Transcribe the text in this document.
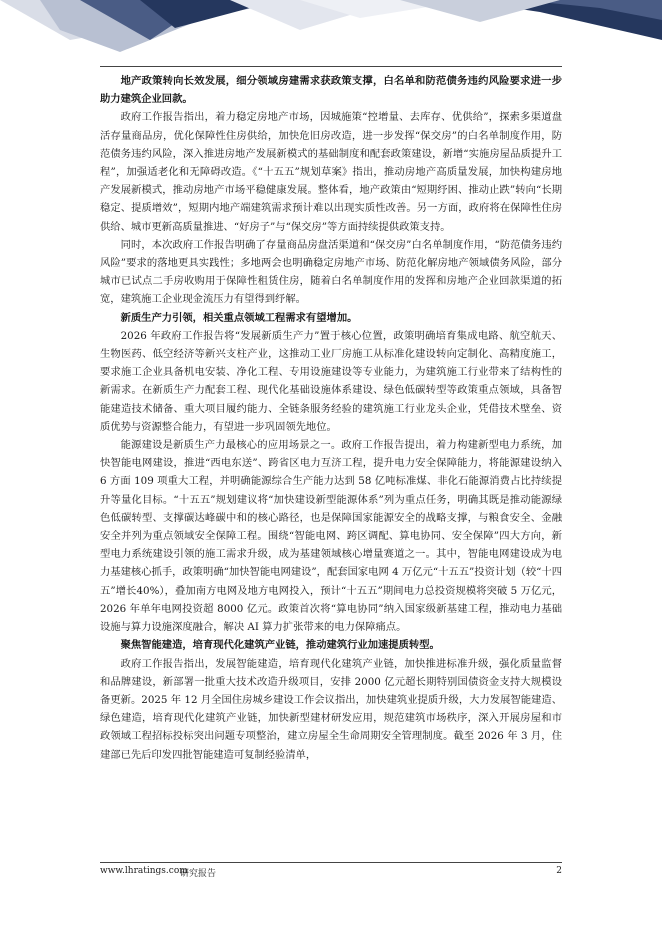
地产政策转向长效发展，细分领域房建需求获政策支撑，白名单和防范债务违约风险要求进一步助力建筑企业回款。

政府工作报告指出，着力稳定房地产市场，因城施策“控增量、去库存、优供给”，探索多渠道盘活存量商品房，优化保障性住房供给，加快危旧房改造，进一步发挥“保交房”的白名单制度作用，防范债务违约风险，深入推进房地产发展新模式的基础制度和配套政策建设，新增“实施房屋品质提升工程”，加强适老化和无障碍改造。《“十五五”规划草案》指出，推动房地产高质量发展，加快构建房地产发展新模式，推动房地产市场平稳健康发展。整体看，地产政策由“短期纾困、推动止跌”转向“长期稳定、提质增效”，短期内地产端建筑需求预计难以出现实质性改善。另一方面，政府将在保障性住房供给、城市更新高质量推进、“好房子”与“保交房”等方面持续提供政策支持。

同时，本次政府工作报告明确了存量商品房盘活渠道和“保交房”白名单制度作用，“防范债务违约风险”要求的落地更具实践性；多地两会也明确稳定房地产市场、防范化解房地产领域债务风险，部分城市已试点二手房收购用于保障性租赁住房，随着白名单制度作用的发挥和房地产企业回款渠道的拓宽，建筑施工企业现金流压力有望得到纾解。

新质生产力引领，相关重点领域工程需求有望增加。

2026 年政府工作报告将“发展新质生产力”置于核心位置，政策明确培育集成电路、航空航天、生物医药、低空经济等新兴支柱产业，这推动工业厂房施工从标准化建设转向定制化、高精度施工，要求施工企业具备机电安装、净化工程、专用设施建设等专业能力，为建筑施工行业带来了结构性的新需求。在新质生产力配套工程、现代化基础设施体系建设、绿色低碳转型等政策重点领域，具备智能建造技术储备、重大项目履约能力、全链条服务经验的建筑施工行业龙头企业，凭借技术壁垒、资质优势与资源整合能力，有望进一步巩固领先地位。

能源建设是新质生产力最核心的应用场景之一。政府工作报告提出，着力构建新型电力系统，加快智能电网建设，推进“西电东送”、跨省区电力互济工程，提升电力安全保障能力，将能源建设纳入 6 方面 109 项重大工程，并明确能源综合生产能力达到 58 亿吨标准煤、非化石能源消费占比持续提升等量化目标。“十五五”规划建议将“加快建设新型能源体系”列为重点任务，明确其既是推动能源绿色低碳转型、支撑碳达峰碳中和的核心路径，也是保障国家能源安全的战略支撑，与粮食安全、金融安全并列为重点领域安全保障工程。围绕“智能电网、跨区调配、算电协同、安全保障”四大方向，新型电力系统建设引领的施工需求升级，成为基建领域核心增量赛道之一。其中，智能电网建设成为电力基建核心抓手，政策明确“加快智能电网建设”，配套国家电网 4 万亿元“十五五”投资计划（较“十四五”增长40%），叠加南方电网及地方电网投入，预计“十五五”期间电力总投资规模将突破 5 万亿元，2026 年单年电网投资超 8000 亿元。政策首次将“算电协同”纳入国家级新基建工程，推动电力基础设施与算力设施深度融合，解决 AI 算力扩张带来的电力保障痛点。

聚焦智能建造，培育现代化建筑产业链，推动建筑行业加速提质转型。

政府工作报告指出，发展智能建造，培育现代化建筑产业链，加快推进标准升级，强化质量监督和品牌建设，新部署一批重大技术改造升级项目，安排 2000 亿元超长期特别国债资金支持大规模设备更新。2025 年 12 月全国住房城乡建设工作会议指出，加快建筑业提质升级，大力发展智能建造、绿色建造，培育现代化建筑产业链，加快新型建材研发应用，规范建筑市场秩序，深入开展房屋和市政领域工程招标投标突出问题专项整治，建立房屋全生命周期安全管理制度。截至 2026 年 3 月，住建部已先后印发四批智能建造可复制经验清单，

www.lhratings.com
研究报告	2
